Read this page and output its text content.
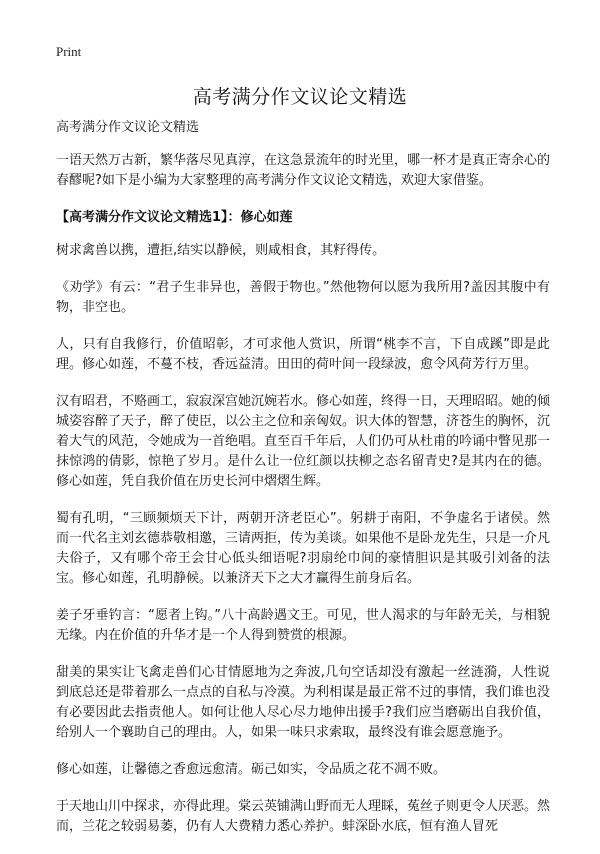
Print
高考满分作文议论文精选

高考满分作文议论文精选

一语天然万古新，繁华落尽见真淳，在这急景流年的时光里，哪一杯才是真正寄余心的春醪呢?如下是小编为大家整理的高考满分作文议论文精选，欢迎大家借鉴。

【高考满分作文议论文精选1】：修心如莲

树求禽兽以携，遭拒,结实以静候，则咸相食，其籽得传。

《劝学》有云：“君子生非异也，善假于物也。”然他物何以愿为我所用?盖因其腹中有物，非空也。

人，只有自我修行，价值昭彰，才可求他人赏识，所谓“桃李不言，下自成蹊”即是此理。修心如莲，不蔓不枝，香远益清。田田的荷叶间一段绿波，愈令风荷芳行万里。

汉有昭君，不赂画工，寂寂深宫她沉婉若水。修心如莲，终得一日，天理昭昭。她的倾城姿容醉了天子，醉了使臣，以公主之位和亲匈奴。识大体的智慧，济苍生的胸怀，沉着大气的风范，令她成为一首绝唱。直至百千年后，人们仍可从杜甫的吟诵中瞥见那一抹惊鸿的倩影，惊艳了岁月。是什么让一位红颜以扶柳之态名留青史?是其内在的德。修心如莲，凭自我价值在历史长河中熠熠生辉。

蜀有孔明，“三顾频烦天下计，两朝开济老臣心”。躬耕于南阳，不争虚名于诸侯。然而一代名主刘玄德恭敬相邀，三请两拒，传为美谈。如果他不是卧龙先生，只是一介凡夫俗子，又有哪个帝王会甘心低头细语呢?羽扇纶巾间的豪情胆识是其吸引刘备的法宝。修心如莲，孔明静候。以兼济天下之大才赢得生前身后名。

姜子牙垂钓言：“愿者上钩。”八十高龄遇文王。可见，世人渴求的与年龄无关，与相貌无缘。内在价值的升华才是一个人得到赞赏的根源。

甜美的果实让飞禽走兽们心甘情愿地为之奔波,几句空话却没有激起一丝涟漪，人性说到底总还是带着那么一点点的自私与冷漠。为利相谋是最正常不过的事情，我们谁也没有必要因此去指责他人。如何让他人尽心尽力地伸出援手?我们应当磨砺出自我价值，给别人一个襄助自己的理由。人，如果一味只求索取，最终没有谁会愿意施予。

修心如莲，让馨德之香愈远愈清。砺己如实，令品质之花不凋不败。

于天地山川中探求，亦得此理。棠云英铺满山野而无人理睬，菟丝子则更令人厌恶。然而，兰花之较弱易萎，仍有人大费精力悉心养护。蚌深卧水底，恒有渔人冒死
